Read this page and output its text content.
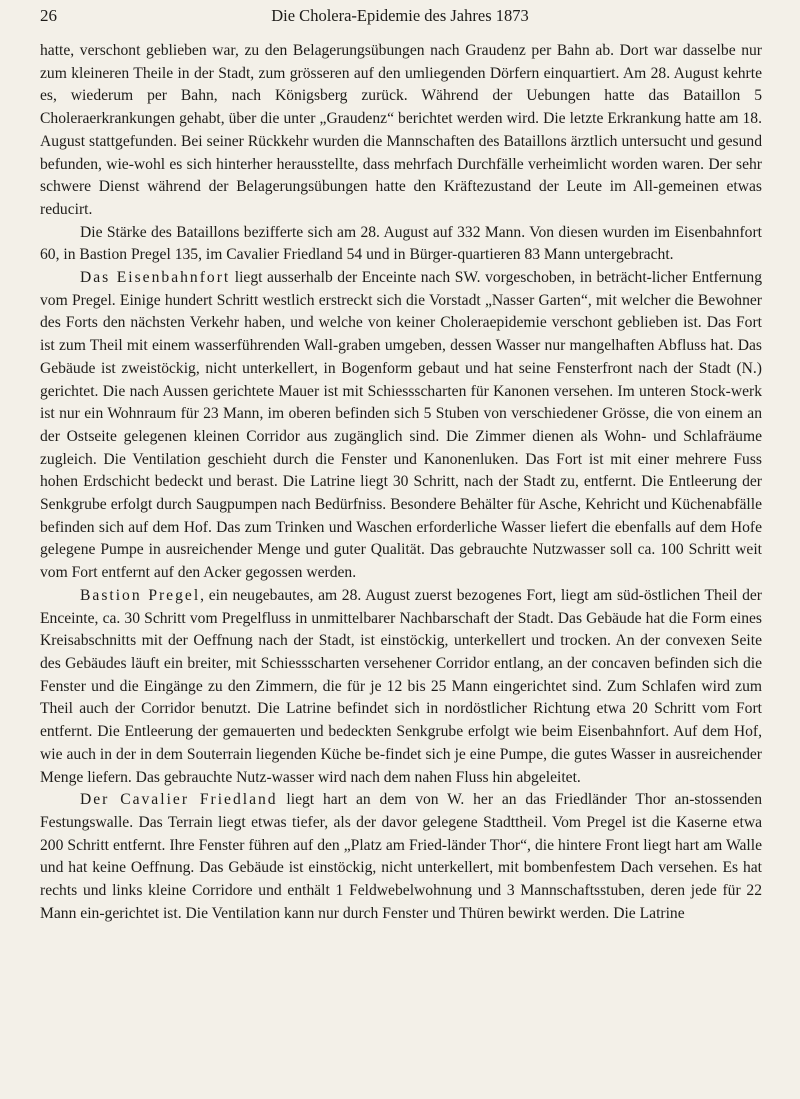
26	Die Cholera-Epidemie des Jahres 1873

hatte, verschont geblieben war, zu den Belagerungsübungen nach Graudenz per Bahn ab. Dort war dasselbe nur zum kleineren Theile in der Stadt, zum grösseren auf den umliegenden Dörfern einquartiert. Am 28. August kehrte es, wiederum per Bahn, nach Königsberg zurück. Während der Uebungen hatte das Bataillon 5 Choleraerkrankungen gehabt, über die unter „Graudenz“ berichtet werden wird. Die letzte Erkrankung hatte am 18. August stattgefunden. Bei seiner Rückkehr wurden die Mannschaften des Bataillons ärztlich untersucht und gesund befunden, wie-wohl es sich hinterher herausstellte, dass mehrfach Durchfälle verheimlicht worden waren. Der sehr schwere Dienst während der Belagerungsübungen hatte den Kräftezustand der Leute im All-gemeinen etwas reducirt.

Die Stärke des Bataillons bezifferte sich am 28. August auf 332 Mann. Von diesen wurden im Eisenbahnfort 60, in Bastion Pregel 135, im Cavalier Friedland 54 und in Bürger-quartieren 83 Mann untergebracht.

Das Eisenbahnfort liegt ausserhalb der Enceinte nach SW. vorgeschoben, in beträcht-licher Entfernung vom Pregel. Einige hundert Schritt westlich erstreckt sich die Vorstadt „Nasser Garten“, mit welcher die Bewohner des Forts den nächsten Verkehr haben, und welche von keiner Choleraepidemie verschont geblieben ist. Das Fort ist zum Theil mit einem wasserführenden Wall-graben umgeben, dessen Wasser nur mangelhaften Abfluss hat. Das Gebäude ist zweistöckig, nicht unterkellert, in Bogenform gebaut und hat seine Fensterfront nach der Stadt (N.) gerichtet. Die nach Aussen gerichtete Mauer ist mit Schiessscharten für Kanonen versehen. Im unteren Stock-werk ist nur ein Wohnraum für 23 Mann, im oberen befinden sich 5 Stuben von verschiedener Grösse, die von einem an der Ostseite gelegenen kleinen Corridor aus zugänglich sind. Die Zimmer dienen als Wohn- und Schlafräume zugleich. Die Ventilation geschieht durch die Fenster und Kanonenluken. Das Fort ist mit einer mehrere Fuss hohen Erdschicht bedeckt und berast. Die Latrine liegt 30 Schritt, nach der Stadt zu, entfernt. Die Entleerung der Senkgrube erfolgt durch Saugpumpen nach Bedürfniss. Besondere Behälter für Asche, Kehricht und Küchenabfälle befinden sich auf dem Hof. Das zum Trinken und Waschen erforderliche Wasser liefert die ebenfalls auf dem Hofe gelegene Pumpe in ausreichender Menge und guter Qualität. Das gebrauchte Nutzwasser soll ca. 100 Schritt weit vom Fort entfernt auf den Acker gegossen werden.

Bastion Pregel, ein neugebautes, am 28. August zuerst bezogenes Fort, liegt am süd-östlichen Theil der Enceinte, ca. 30 Schritt vom Pregelfluss in unmittelbarer Nachbarschaft der Stadt. Das Gebäude hat die Form eines Kreisabschnitts mit der Oeffnung nach der Stadt, ist einstöckig, unterkellert und trocken. An der convexen Seite des Gebäudes läuft ein breiter, mit Schiessscharten versehener Corridor entlang, an der concaven befinden sich die Fenster und die Eingänge zu den Zimmern, die für je 12 bis 25 Mann eingerichtet sind. Zum Schlafen wird zum Theil auch der Corridor benutzt. Die Latrine befindet sich in nordöstlicher Richtung etwa 20 Schritt vom Fort entfernt. Die Entleerung der gemauerten und bedeckten Senkgrube erfolgt wie beim Eisenbahnfort. Auf dem Hof, wie auch in der in dem Souterrain liegenden Küche be-findet sich je eine Pumpe, die gutes Wasser in ausreichender Menge liefern. Das gebrauchte Nutz-wasser wird nach dem nahen Fluss hin abgeleitet.

Der Cavalier Friedland liegt hart an dem von W. her an das Friedländer Thor an-stossenden Festungswalle. Das Terrain liegt etwas tiefer, als der davor gelegene Stadttheil. Vom Pregel ist die Kaserne etwa 200 Schritt entfernt. Ihre Fenster führen auf den „Platz am Fried-länder Thor“, die hintere Front liegt hart am Walle und hat keine Oeffnung. Das Gebäude ist einstöckig, nicht unterkellert, mit bombenfestem Dach versehen. Es hat rechts und links kleine Corridore und enthält 1 Feldwebelwohnung und 3 Mannschaftsstuben, deren jede für 22 Mann ein-gerichtet ist. Die Ventilation kann nur durch Fenster und Thüren bewirkt werden. Die Latrine
